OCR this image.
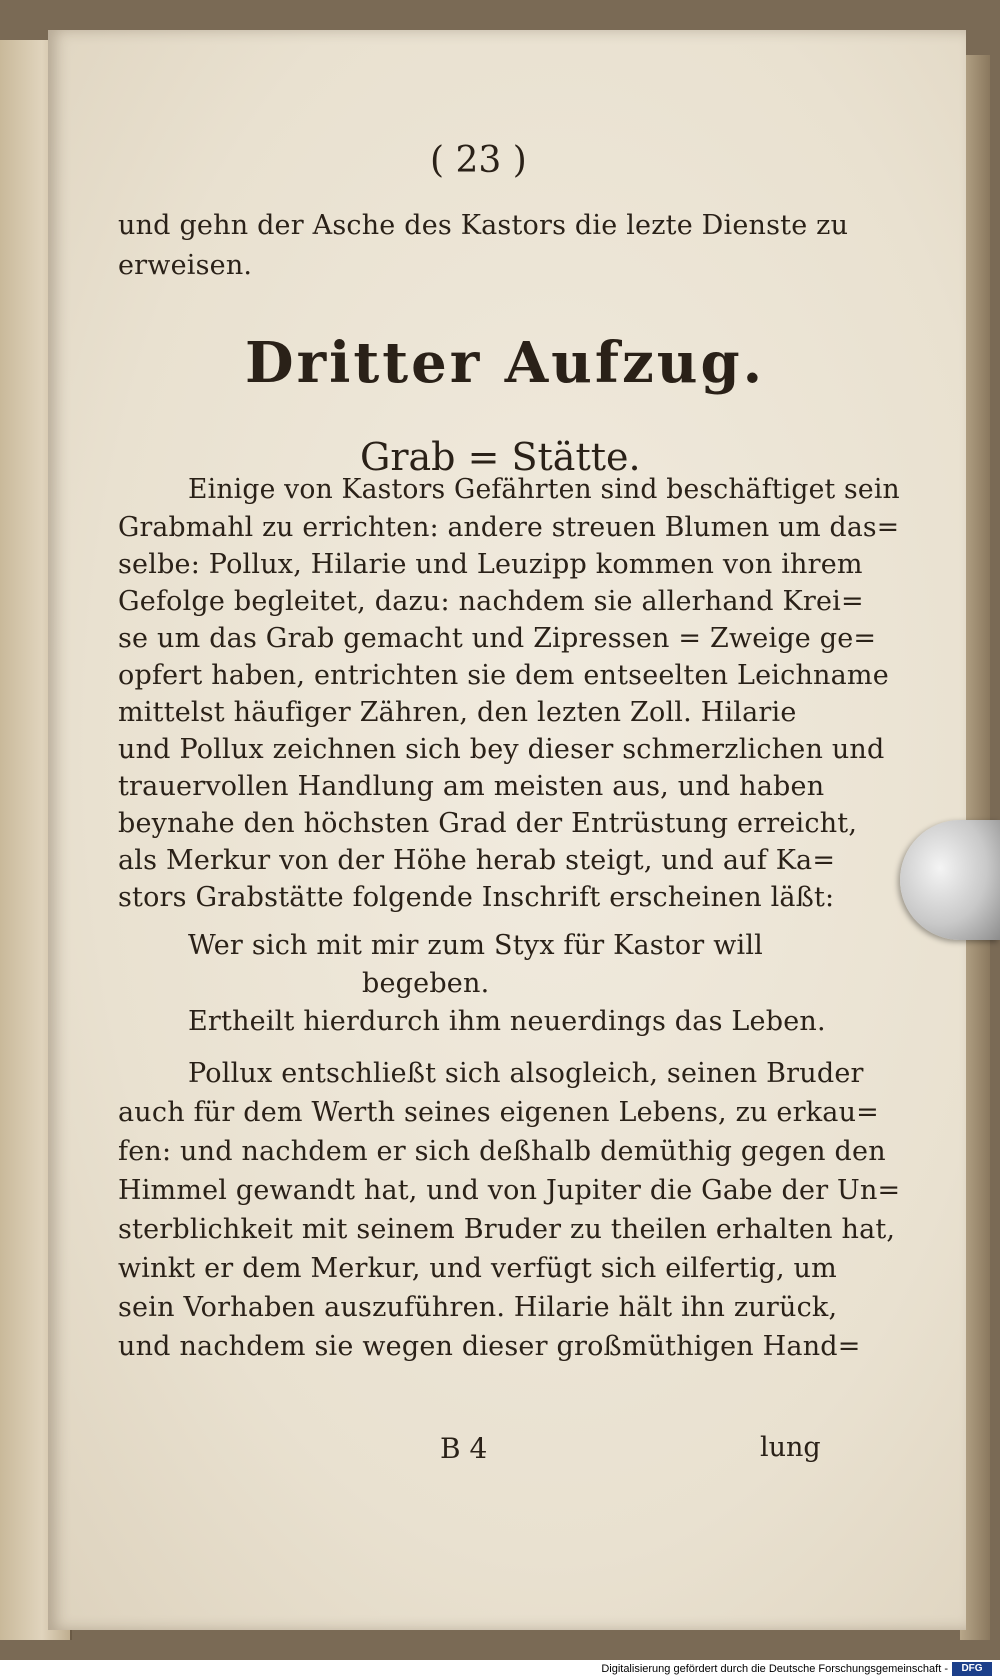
( 23 )
und gehn der Asche des Kastors die lezte Dienste zu
erweisen.
Dritter Aufzug.
Grab = Stätte.
Einige von Kastors Gefährten sind beschäftiget sein
Grabmahl zu errichten: andere streuen Blumen um das=
selbe: Pollux, Hilarie und Leuzipp kommen von ihrem
Gefolge begleitet, dazu: nachdem sie allerhand Krei=
se um das Grab gemacht und Zipressen = Zweige ge=
opfert haben, entrichten sie dem entseelten Leichname
mittelst häufiger Zähren, den lezten Zoll. Hilarie
und Pollux zeichnen sich bey dieser schmerzlichen und
trauervollen Handlung am meisten aus, und haben
beynahe den höchsten Grad der Entrüstung erreicht,
als Merkur von der Höhe herab steigt, und auf Ka=
stors Grabstätte folgende Inschrift erscheinen läßt:
Wer sich mit mir zum Styx für Kastor will
begeben.
Ertheilt hierdurch ihm neuerdings das Leben.
Pollux entschließt sich alsogleich, seinen Bruder
auch für dem Werth seines eigenen Lebens, zu erkau=
fen: und nachdem er sich deßhalb demüthig gegen den
Himmel gewandt hat, und von Jupiter die Gabe der Un=
sterblichkeit mit seinem Bruder zu theilen erhalten hat,
winkt er dem Merkur, und verfügt sich eilfertig, um
sein Vorhaben auszuführen. Hilarie hält ihn zurück,
und nachdem sie wegen dieser großmüthigen Hand=
B 4	lung
Digitalisierung gefördert durch die Deutsche Forschungsgemeinschaft -	DFG
